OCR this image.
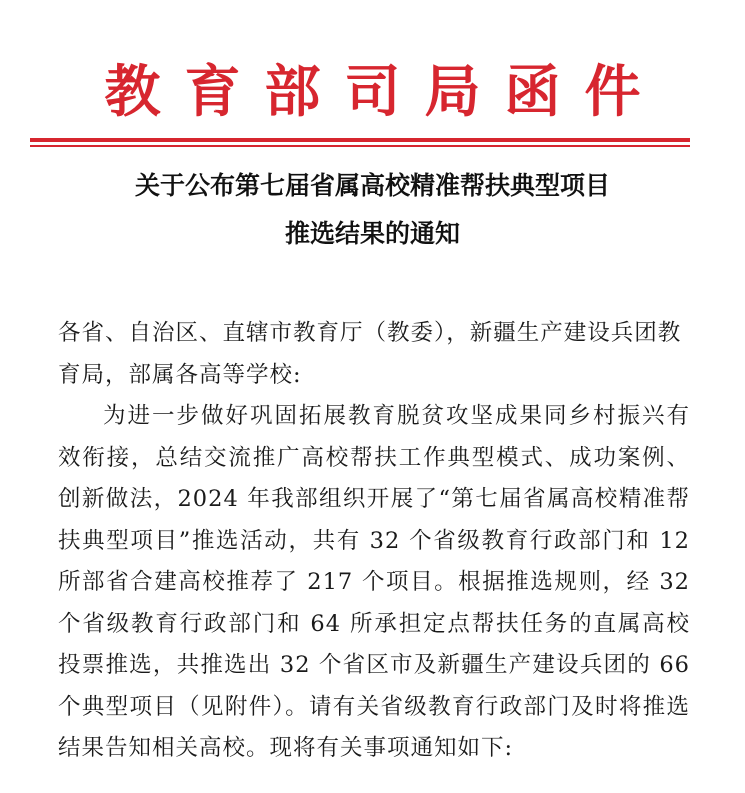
教育部司局函件
关于公布第七届省属高校精准帮扶典型项目
推选结果的通知

各省、自治区、直辖市教育厅（教委），新疆生产建设兵团教育局，部属各高等学校:

为进一步做好巩固拓展教育脱贫攻坚成果同乡村振兴有效衔接，总结交流推广高校帮扶工作典型模式、成功案例、创新做法，2024 年我部组织开展了“第七届省属高校精准帮扶典型项目”推选活动，共有 32 个省级教育行政部门和 12 所部省合建高校推荐了 217 个项目。根据推选规则，经 32 个省级教育行政部门和 64 所承担定点帮扶任务的直属高校投票推选，共推选出 32 个省区市及新疆生产建设兵团的 66 个典型项目（见附件）。请有关省级教育行政部门及时将推选结果告知相关高校。现将有关事项通知如下:
